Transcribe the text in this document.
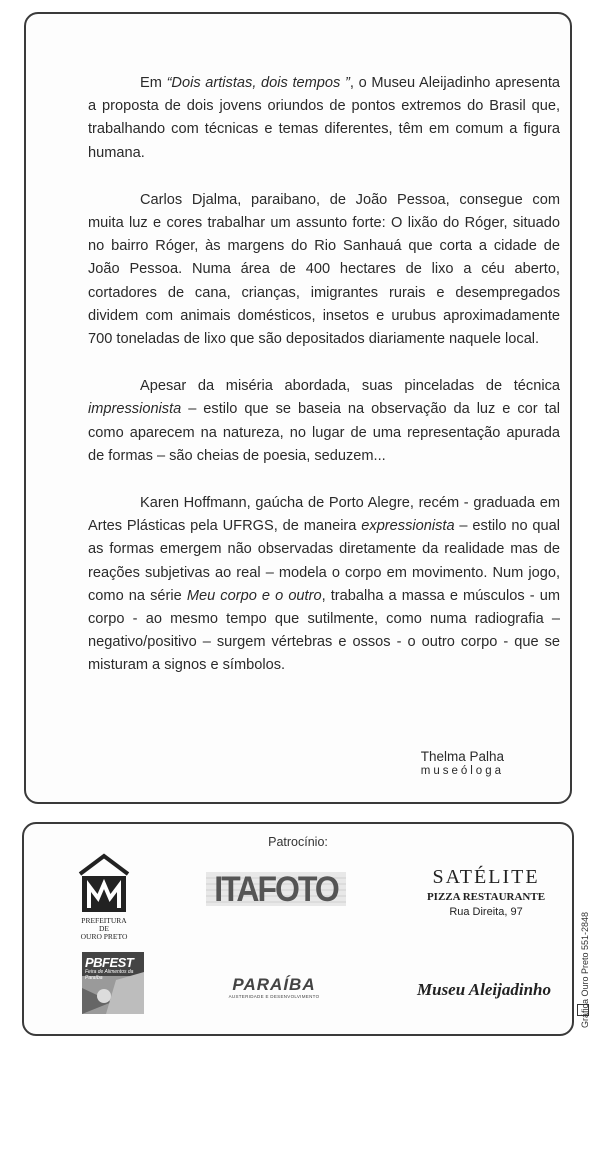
Em “Dois artistas, dois tempos ”, o Museu Aleijadinho apresenta a proposta de dois jovens oriundos de pontos extremos do Brasil que, trabalhando com técnicas e temas diferentes, têm em comum a figura humana.

Carlos Djalma, paraibano, de João Pessoa, consegue com muita luz e cores trabalhar um assunto forte: O lixão do Róger, situado no bairro Róger, às margens do Rio Sanhauá que corta a cidade de João Pessoa. Numa área de 400 hectares de lixo a céu aberto, cortadores de cana, crianças, imigrantes rurais e desempregados dividem com animais domésticos, insetos e urubus aproximadamente 700 toneladas de lixo que são depositados diariamente naquele local.

Apesar da miséria abordada, suas pinceladas de técnica impressionista – estilo que se baseia na observação da luz e cor tal como aparecem na natureza, no lugar de uma representação apurada de formas – são cheias de poesia, seduzem...

Karen Hoffmann, gaúcha de Porto Alegre, recém - graduada em Artes Plásticas pela UFRGS, de maneira expressionista – estilo no qual as formas emergem não observadas diretamente da realidade mas de reações subjetivas ao real – modela o corpo em movimento. Num jogo, como na série Meu corpo e o outro, trabalha a massa e músculos - um corpo - ao mesmo tempo que sutilmente, como numa radiografia – negativo/positivo – surgem vértebras e ossos - o outro corpo - que se misturam a signos e símbolos.

Thelma Palha
museóloga
Patrocínio:
PREFEITURA DE
OURO PRETO
ITAFOTO	SATÉLITE
PIZZA RESTAURANTE
Rua Direita, 97
PBFEST
Feira de Alimentos da Paraíba	PARAÍBA
AUSTERIDADE E DESENVOLVIMENTO	Museu Aleijadinho	Gráfica Ouro Preto 551-2848
